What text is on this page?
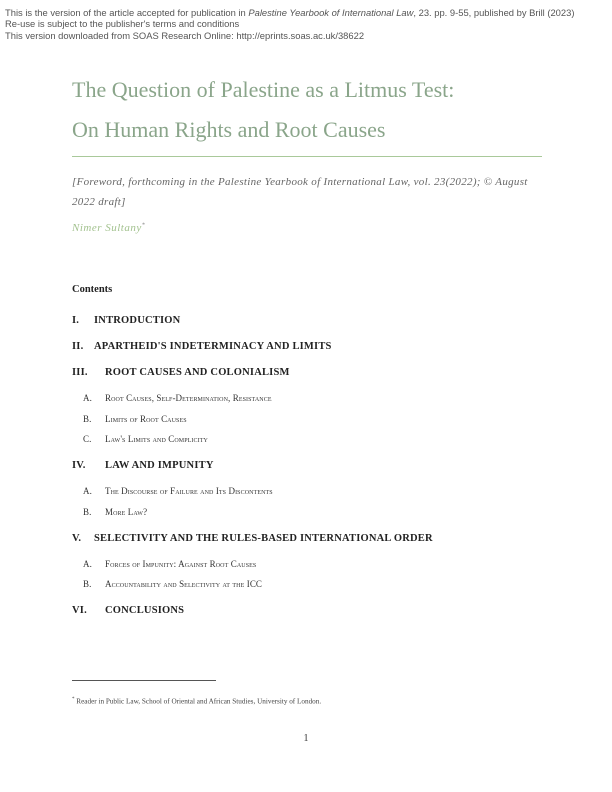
This is the version of the article accepted for publication in Palestine Yearbook of International Law, 23. pp. 9-55, published by Brill (2023)
Re-use is subject to the publisher's terms and conditions
This version downloaded from SOAS Research Online: http://eprints.soas.ac.uk/38622
The Question of Palestine as a Litmus Test:
On Human Rights and Root Causes
[Foreword, forthcoming in the Palestine Yearbook of International Law, vol. 23(2022); © August 2022 draft]
Nimer Sultany*
Contents
I. INTRODUCTION
II. APARTHEID'S INDETERMINACY AND LIMITS
III. ROOT CAUSES AND COLONIALISM
A. Root Causes, Self-Determination, Resistance
B. Limits of Root Causes
C. Law's Limits and Complicity
IV. LAW AND IMPUNITY
A. The Discourse of Failure and Its Discontents
B. More Law?
V. SELECTIVITY AND THE RULES-BASED INTERNATIONAL ORDER
A. Forces of Impunity: Against Root Causes
B. Accountability and Selectivity at the ICC
VI. CONCLUSIONS
* Reader in Public Law, School of Oriental and African Studies, University of London.
1
